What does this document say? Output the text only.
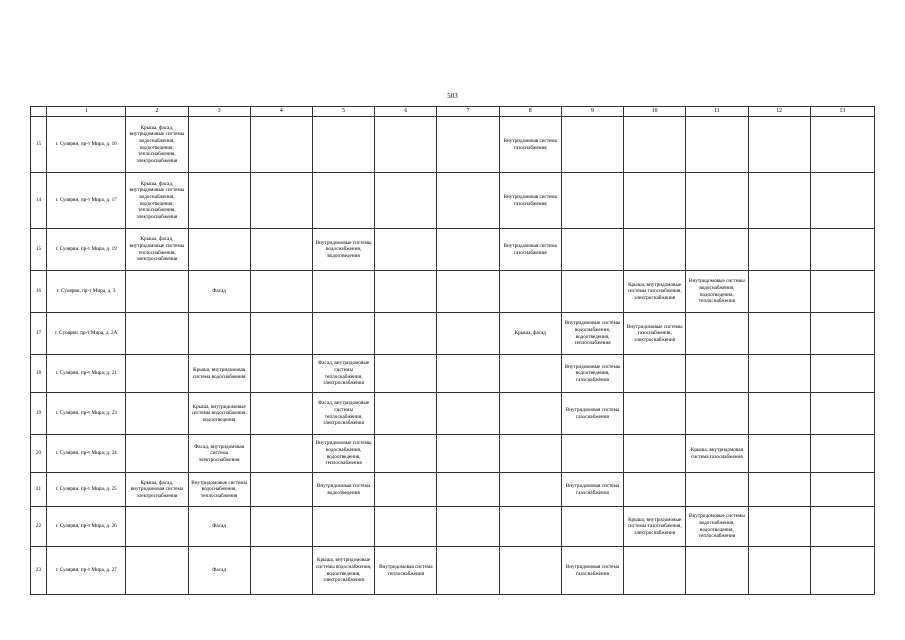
503
	1	2	3	4	5	6	7	8	9	10	11	12	13
15	г. Суоярви, пр-т Мира, д. 16	Крыша, фасад, внутридомовые системы водоснабжения, водоотведения, теплоснабжения, электроснабжения						Внутридомовая система газоснабжения					
14	г. Суоярви, пр-т Мира, д. 17	Крыша, фасад, внутридомовые системы водоснабжения, водоотведения, теплоснабжения, электроснабжения						Внутридомовая система газоснабжения					
15	г. Суоярви, пр-т Мира, д. 19	Крыша, фасад, внутридомовые системы теплоснабжения, электроснабжения			Внутридомовые системы водоснабжения, водоотведения			Внутридомовая система газоснабжения					
16	г. Суоярви, пр-т Мира, д. 3		Фасад							Крыша, внутридомовые системы газоснабжения, электроснабжения	Внутридомовые системы водоснабжения, водоотведения, теплоснабжения		
17	г. Суоярви, пр-т Мира, д. 2А							Крыша, фасад	Внутридомовые системы водоснабжения, водоотведения, теплоснабжения	Внутридомовые системы газоснабжения, электроснабжения			
18	г. Суоярви, пр-т Мира, д. 21		Крыша, внутридомовая система водоснабжения		Фасад, внутридомовые системы теплоснабжения, электроснабжения				Внутридомовые системы водоотведения, газоснабжения				
19	г. Суоярви, пр-т Мира, д. 23		Крыша, внутридомовые системы водоснабжения, водоотведения		Фасад, внутридомовые системы теплоснабжения, электроснабжения				Внутридомовая система газоснабжения				
20	г. Суоярви, пр-т Мира, д. 24		Фасад, внутридомовая система электроснабжения		Внутридомовые системы водоснабжения, водоотведения, теплоснабжения						Крыша, внутридомовая система газоснабжения		
21	г. Суоярви, пр-т Мира, д. 25	Крыша, фасад, внутридомовая система электроснабжения	Внутридомовые системы водоснабжения, теплоснабжения		Внутридомовая система водоотведения				Внутридомовая система газоснабжения				
22	г. Суоярви, пр-т Мира, д. 26		Фасад							Крыша, внутридомовые системы газоснабжения, электроснабжения	Внутридомовые системы водоснабжения, водоотведения, теплоснабжения		
23	г. Суоярви, пр-т Мира, д. 27		Фасад		Крыша, внутридомовые системы водоснабжения, водоотведения, электроснабжения	Внутридомовая система теплоснабжения			Внутридомовая система газоснабжения				
